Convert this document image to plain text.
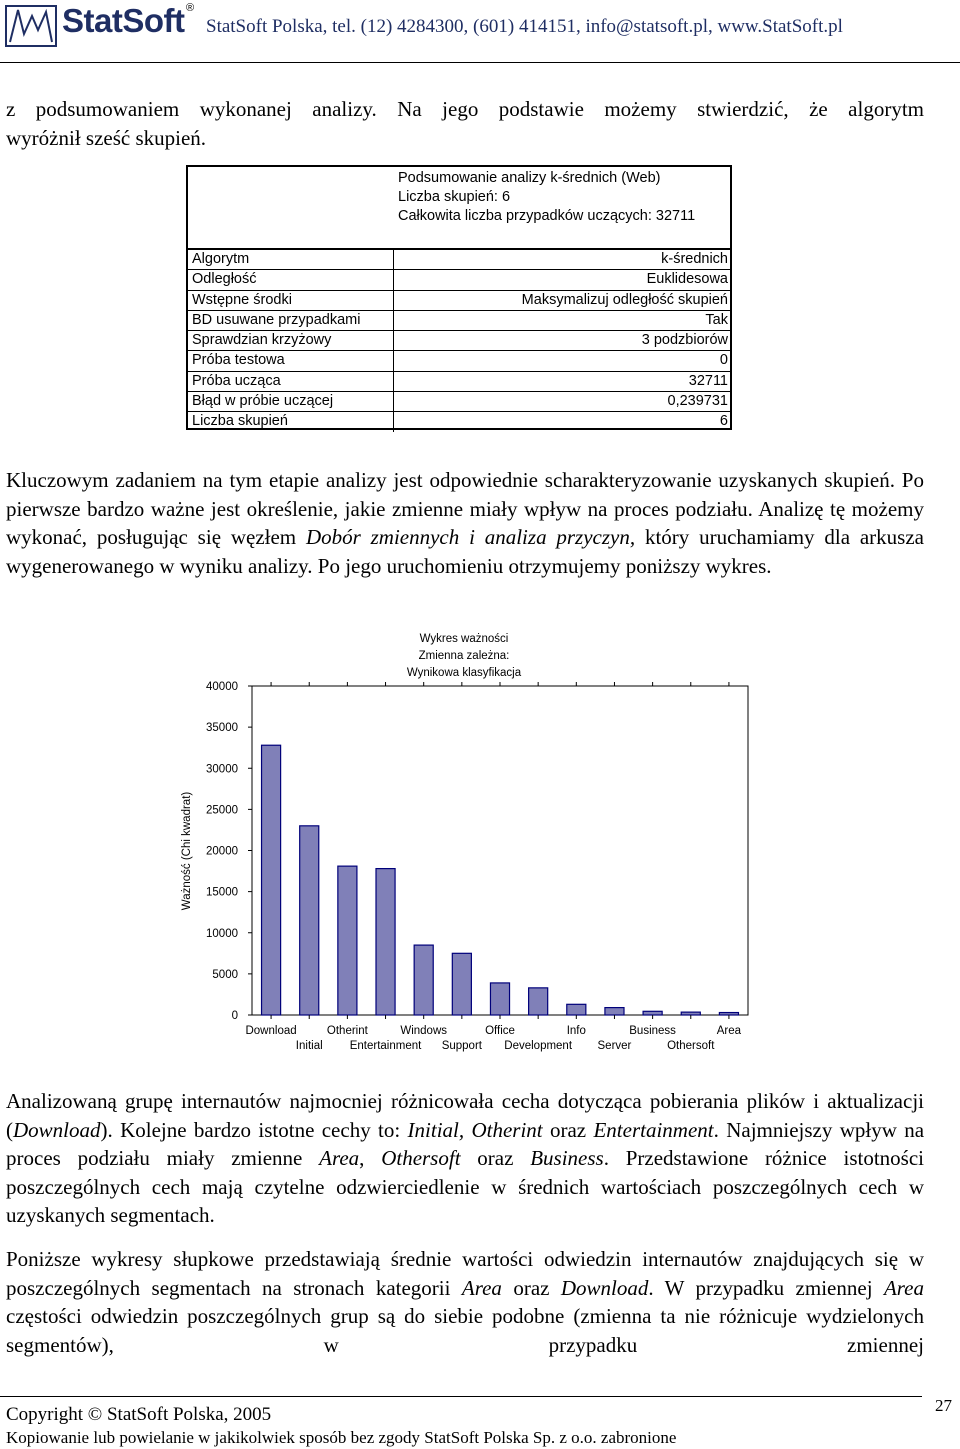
StatSoft ®
StatSoft Polska, tel. (12) 4284300, (601) 414151, info@statsoft.pl, www.StatSoft.pl
z podsumowaniem wykonanej analizy. Na jego podstawie możemy stwierdzić, że algorytm
wyróżnił sześć skupień.
Podsumowanie analizy k-średnich (Web)
Liczba skupień: 6
Całkowita liczba przypadków uczących: 32711
Algorytm	k-średnich
Odległość	Euklidesowa
Wstępne środki	Maksymalizuj odległość skupień
BD usuwane przypadkami	Tak
Sprawdzian krzyżowy	3 podzbiorów
Próba testowa	0
Próba ucząca	32711
Błąd w próbie uczącej	0,239731
Liczba skupień	6
Kluczowym zadaniem na tym etapie analizy jest odpowiednie scharakteryzowanie uzyskanych skupień. Po pierwsze bardzo ważne jest określenie, jakie zmienne miały wpływ na proces podziału. Analizę tę możemy wykonać, posługując się węzłem Dobór zmiennych i analiza przyczyn, który uruchamiamy dla arkusza wygenerowanego w wyniku analizy. Po jego uruchomieniu otrzymujemy poniższy wykres.
Wykres ważności
Zmienna zależna:
Wynikowa klasyfikacja
Ważność (Chi kwadrat)
0
5000
10000
15000
20000
25000
30000
35000
40000
Download
Initial
Otherint
Entertainment
Windows
Support
Office
Development
Info
Server
Business
Othersoft
Area
Analizowaną grupę internautów najmocniej różnicowała cecha dotycząca pobierania plików i aktualizacji (Download). Kolejne bardzo istotne cechy to: Initial, Otherint oraz Entertainment. Najmniejszy wpływ na proces podziału miały zmienne Area, Othersoft oraz Business. Przedstawione różnice istotności poszczególnych cech mają czytelne odzwierciedlenie w średnich wartościach poszczególnych cech w uzyskanych segmentach.
Poniższe wykresy słupkowe przedstawiają średnie wartości odwiedzin internautów znajdujących się w poszczególnych segmentach na stronach kategorii Area oraz Download. W przypadku zmiennej Area częstości odwiedzin poszczególnych grup są do siebie podobne (zmienna ta nie różnicuje wydzielonych segmentów), w przypadku zmiennej
Copyright © StatSoft Polska, 2005
Kopiowanie lub powielanie w jakikolwiek sposób bez zgody StatSoft Polska Sp. z o.o. zabronione
27
